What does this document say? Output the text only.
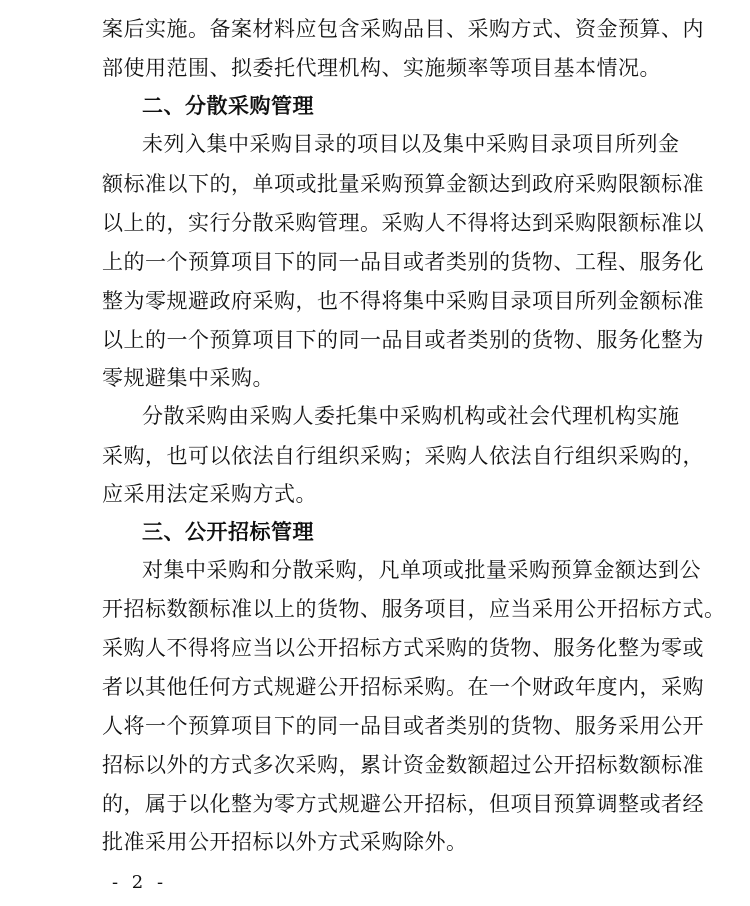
案后实施。备案材料应包含采购品目、采购方式、资金预算、内
部使用范围、拟委托代理机构、实施频率等项目基本情况。
二、分散采购管理
未列入集中采购目录的项目以及集中采购目录项目所列金
额标准以下的，单项或批量采购预算金额达到政府采购限额标准
以上的，实行分散采购管理。采购人不得将达到采购限额标准以
上的一个预算项目下的同一品目或者类别的货物、工程、服务化
整为零规避政府采购，也不得将集中采购目录项目所列金额标准
以上的一个预算项目下的同一品目或者类别的货物、服务化整为
零规避集中采购。
分散采购由采购人委托集中采购机构或社会代理机构实施
采购，也可以依法自行组织采购；采购人依法自行组织采购的，
应采用法定采购方式。
三、公开招标管理
对集中采购和分散采购，凡单项或批量采购预算金额达到公
开招标数额标准以上的货物、服务项目，应当采用公开招标方式。
采购人不得将应当以公开招标方式采购的货物、服务化整为零或
者以其他任何方式规避公开招标采购。在一个财政年度内，采购
人将一个预算项目下的同一品目或者类别的货物、服务采用公开
招标以外的方式多次采购，累计资金数额超过公开招标数额标准
的，属于以化整为零方式规避公开招标，但项目预算调整或者经
批准采用公开招标以外方式采购除外。
- 2 -
